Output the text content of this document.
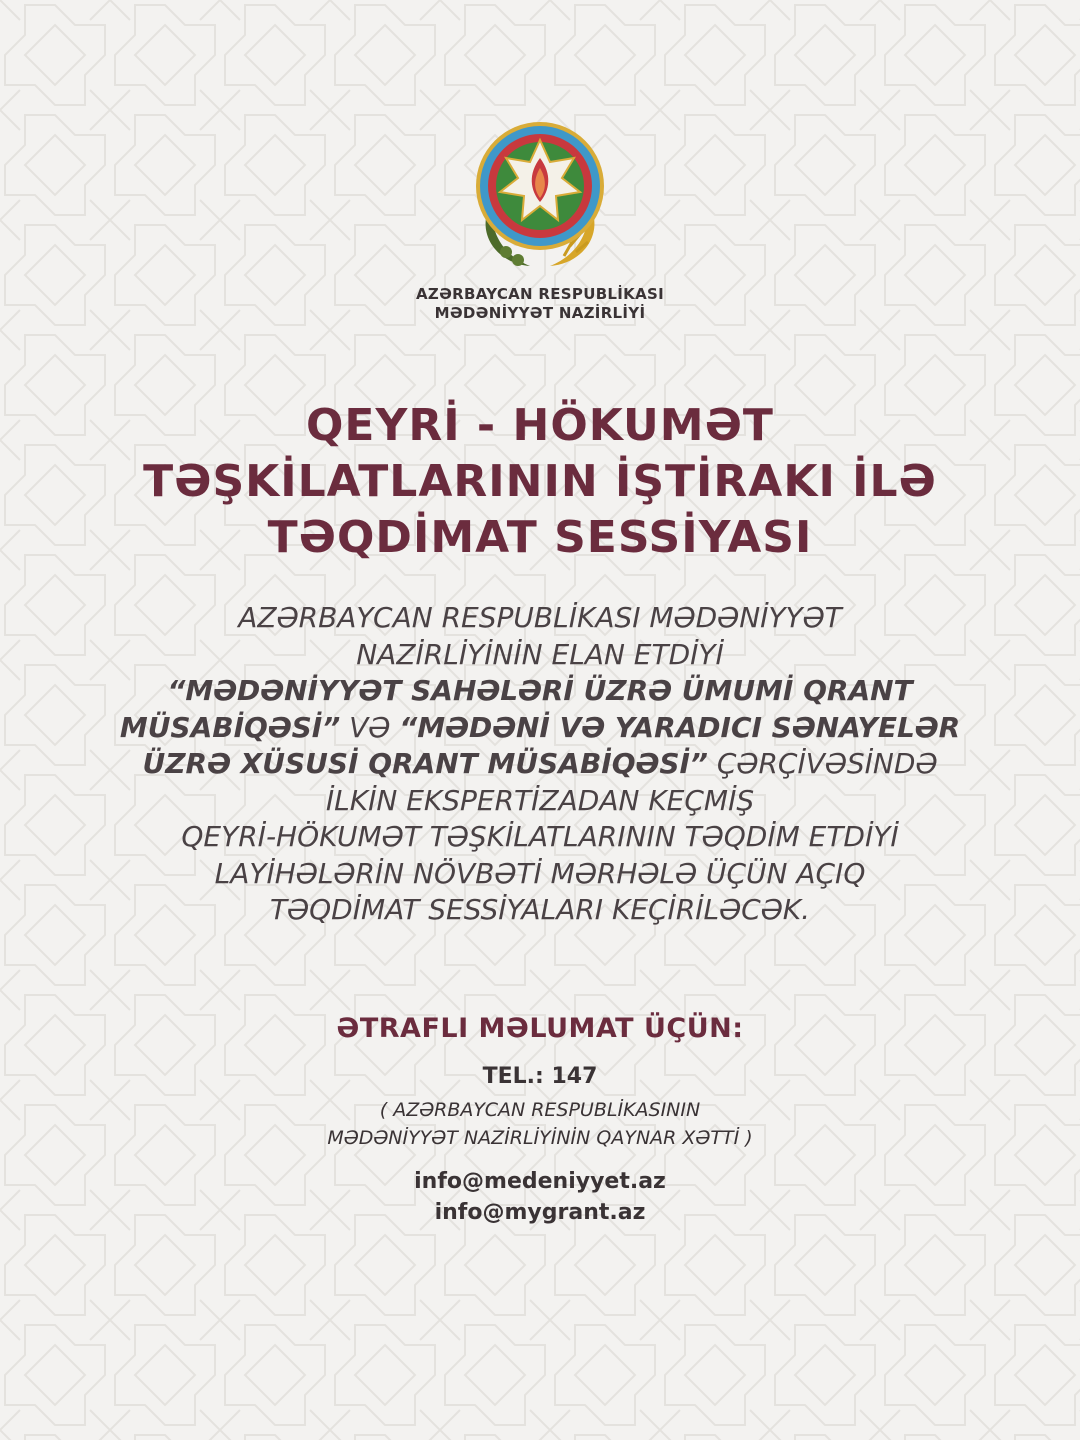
AZƏRBAYCAN RESPUBLİKASI
MƏDƏNİYYƏT NAZİRLİYİ
QEYRİ - HÖKUMƏT
TƏŞKİLATLARININ İŞTİRAKI İLƏ
TƏQDİMAT SESSİYASI
AZƏRBAYCAN RESPUBLİKASI MƏDƏNİYYƏT
NAZİRLİYİNİN ELAN ETDİYİ
“MƏDƏNİYYƏT SAHƏLƏRİ ÜZRƏ ÜMUMİ QRANT
MÜSABİQƏSİ” VƏ “MƏDƏNİ VƏ YARADICI SƏNAYELƏR
ÜZRƏ XÜSUSİ QRANT MÜSABİQƏSİ” ÇƏRÇİVƏSİNDƏ
İLKİN EKSPERTİZADAN KEÇMİŞ
QEYRİ-HÖKUMƏT TƏŞKİLATLARININ TƏQDİM ETDİYİ
LAYİHƏLƏRİN NÖVBƏTİ MƏRHƏLƏ ÜÇÜN AÇIQ
TƏQDİMAT SESSİYALARI KEÇİRİLƏCƏK.
ƏTRAFLI MƏLUMAT ÜÇÜN:
TEL.: 147
( AZƏRBAYCAN RESPUBLİKASININ
MƏDƏNİYYƏT NAZİRLİYİNİN QAYNAR XƏTTİ )
info@medeniyyet.az
info@mygrant.az
